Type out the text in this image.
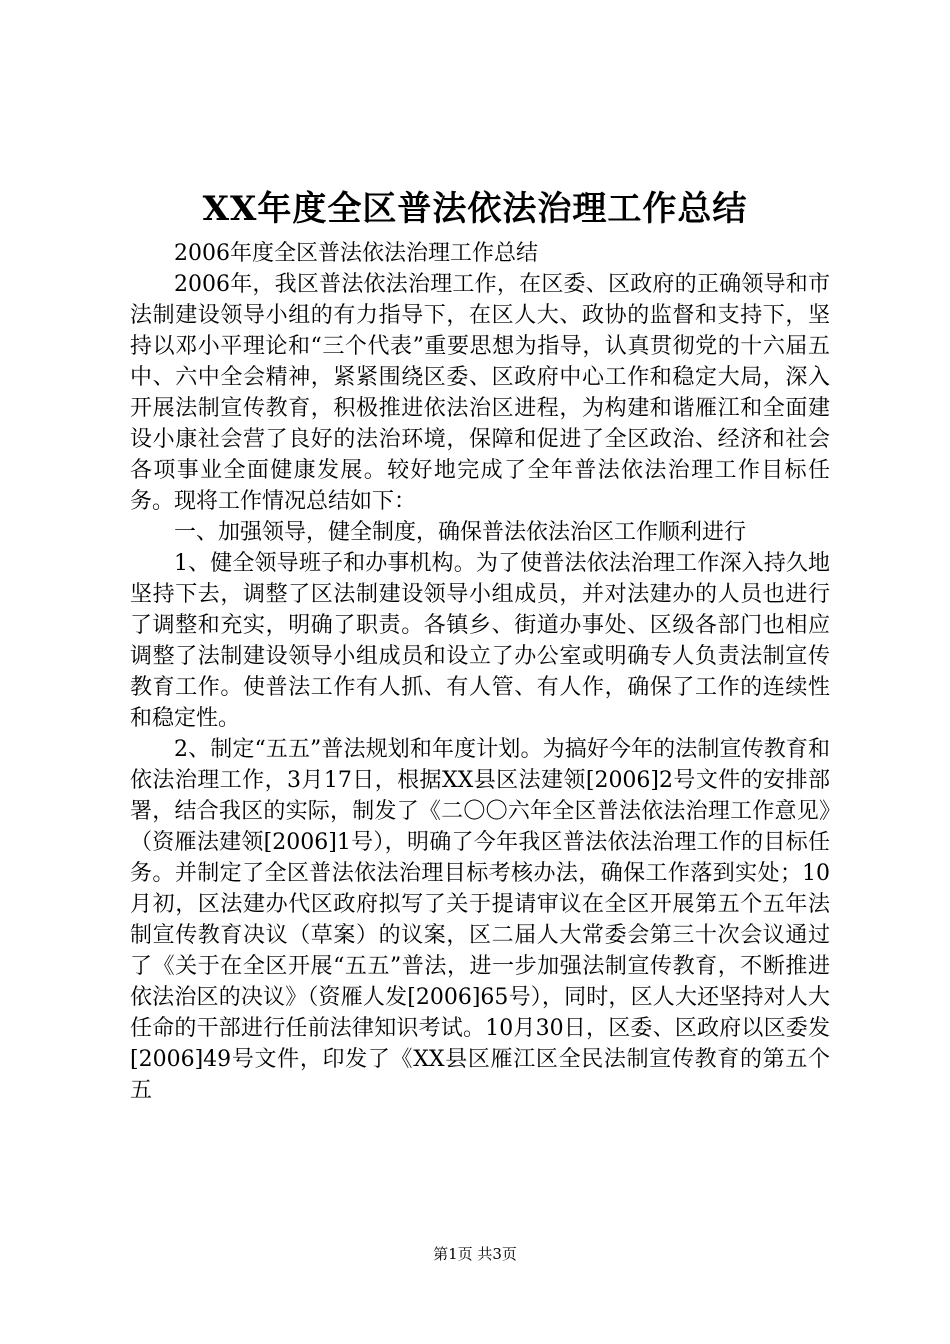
XX年度全区普法依法治理工作总结

2006年度全区普法依法治理工作总结

2006年，我区普法依法治理工作，在区委、区政府的正确领导和市法制建设领导小组的有力指导下，在区人大、政协的监督和支持下，坚持以邓小平理论和“三个代表”重要思想为指导，认真贯彻党的十六届五中、六中全会精神，紧紧围绕区委、区政府中心工作和稳定大局，深入开展法制宣传教育，积极推进依法治区进程，为构建和谐雁江和全面建设小康社会营了良好的法治环境，保障和促进了全区政治、经济和社会各项事业全面健康发展。较好地完成了全年普法依法治理工作目标任务。现将工作情况总结如下：

一、加强领导，健全制度，确保普法依法治区工作顺利进行

1、健全领导班子和办事机构。为了使普法依法治理工作深入持久地坚持下去，调整了区法制建设领导小组成员，并对法建办的人员也进行了调整和充实，明确了职责。各镇乡、街道办事处、区级各部门也相应调整了法制建设领导小组成员和设立了办公室或明确专人负责法制宣传教育工作。使普法工作有人抓、有人管、有人作，确保了工作的连续性和稳定性。

2、制定“五五”普法规划和年度计划。为搞好今年的法制宣传教育和依法治理工作，3月17日，根据XX县区法建领[2006]2号文件的安排部署，结合我区的实际，制发了《二〇〇六年全区普法依法治理工作意见》（资雁法建领[2006]1号），明确了今年我区普法依法治理工作的目标任务。并制定了全区普法依法治理目标考核办法，确保工作落到实处；10月初，区法建办代区政府拟写了关于提请审议在全区开展第五个五年法制宣传教育决议（草案）的议案，区二届人大常委会第三十次会议通过了《关于在全区开展“五五”普法，进一步加强法制宣传教育，不断推进依法治区的决议》（资雁人发[2006]65号），同时，区人大还坚持对人大任命的干部进行任前法律知识考试。10月30日，区委、区政府以区委发[2006]49号文件，印发了《XX县区雁江区全民法制宣传教育的第五个五

第1页 共3页
